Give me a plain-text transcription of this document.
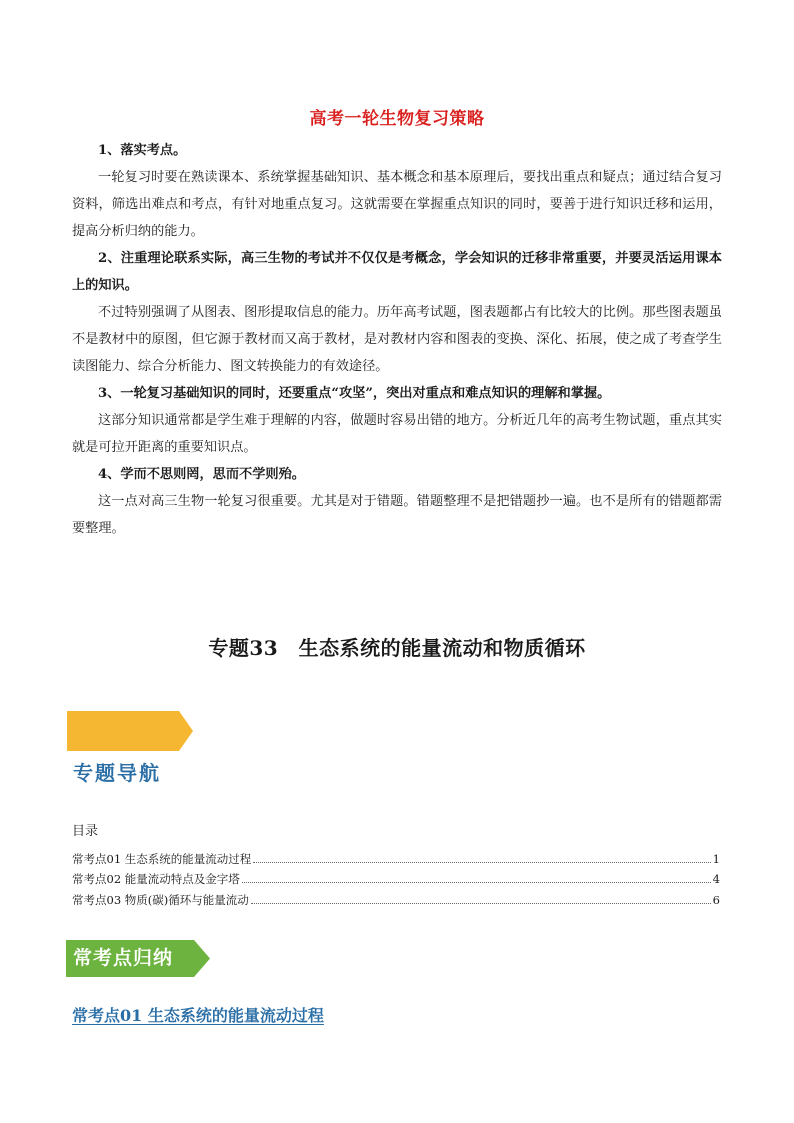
高考一轮生物复习策略

1、落实考点。

一轮复习时要在熟读课本、系统掌握基础知识、基本概念和基本原理后，要找出重点和疑点；通过结合复习资料，筛选出难点和考点，有针对地重点复习。这就需要在掌握重点知识的同时，要善于进行知识迁移和运用，提高分析归纳的能力。

2、注重理论联系实际，高三生物的考试并不仅仅是考概念，学会知识的迁移非常重要，并要灵活运用课本上的知识。

不过特别强调了从图表、图形提取信息的能力。历年高考试题，图表题都占有比较大的比例。那些图表题虽不是教材中的原图，但它源于教材而又高于教材，是对教材内容和图表的变换、深化、拓展，使之成了考查学生读图能力、综合分析能力、图文转换能力的有效途径。

3、一轮复习基础知识的同时，还要重点“攻坚”，突出对重点和难点知识的理解和掌握。

这部分知识通常都是学生难于理解的内容，做题时容易出错的地方。分析近几年的高考生物试题，重点其实就是可拉开距离的重要知识点。

4、学而不思则罔，思而不学则殆。

这一点对高三生物一轮复习很重要。尤其是对于错题。错题整理不是把错题抄一遍。也不是所有的错题都需要整理。

专题33　生态系统的能量流动和物质循环
专题导航
目录
常考点01 生态系统的能量流动过程	1
常考点02 能量流动特点及金字塔	4
常考点03 物质(碳)循环与能量流动	6
常考点归纳
常考点01 生态系统的能量流动过程
